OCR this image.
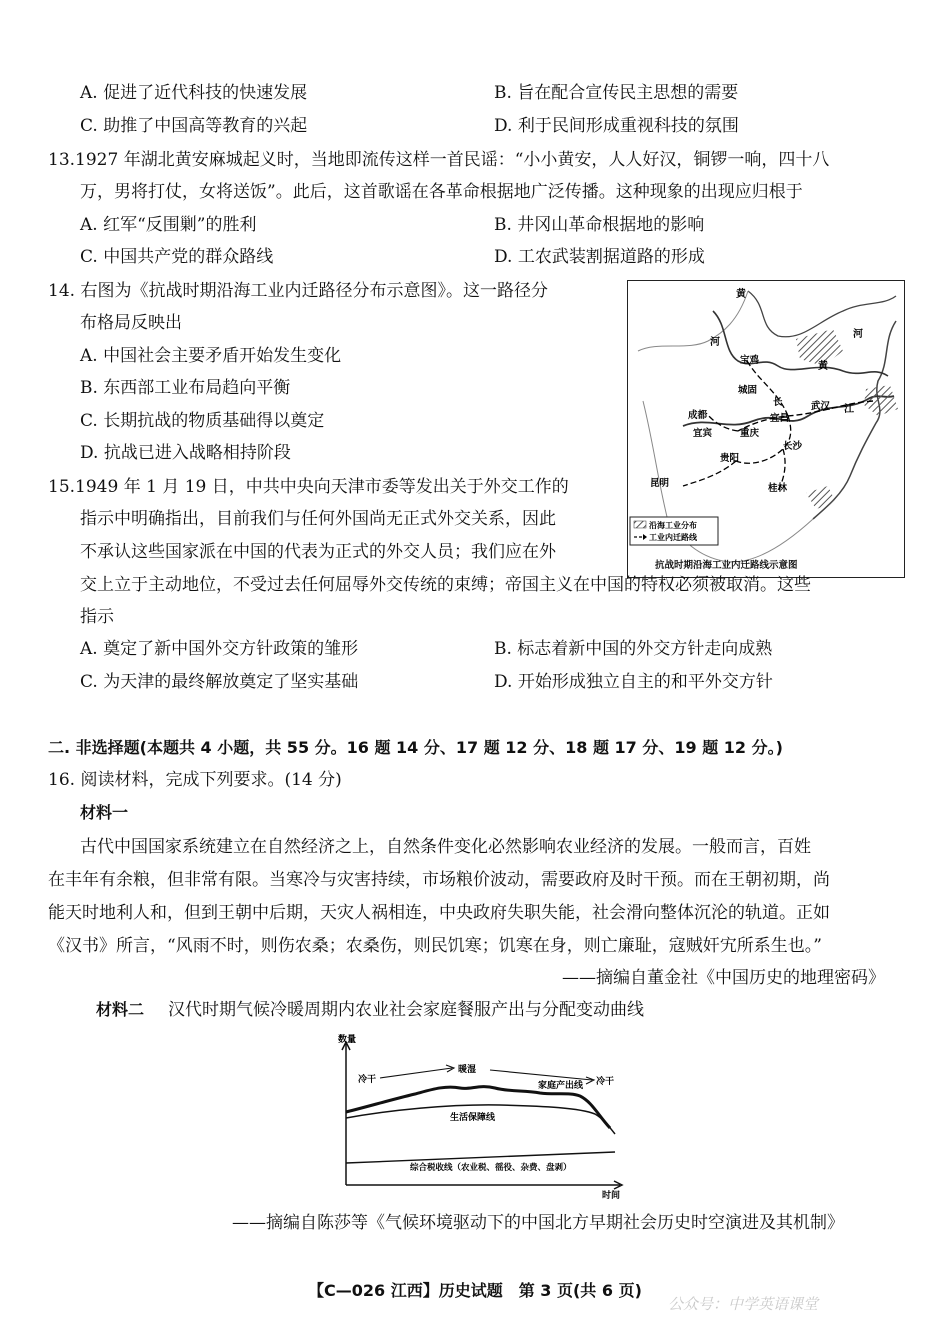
A. 促进了近代科技的快速发展	B. 旨在配合宣传民主思想的需要
C. 助推了中国高等教育的兴起	D. 利于民间形成重视科技的氛围
13.1927 年湖北黄安麻城起义时，当地即流传这样一首民谣：“小小黄安，人人好汉，铜锣一响，四十八
万，男将打仗，女将送饭”。此后，这首歌谣在各革命根据地广泛传播。这种现象的出现应归根于
A. 红军“反围剿”的胜利	B. 井冈山革命根据地的影响
C. 中国共产党的群众路线	D. 工农武装割据道路的形成
14. 右图为《抗战时期沿海工业内迁路径分布示意图》。这一路径分
布格局反映出
A. 中国社会主要矛盾开始发生变化
B. 东西部工业布局趋向平衡
C. 长期抗战的物质基础得以奠定
D. 抗战已进入战略相持阶段
黄
河
河
黄
宝鸡
城固
长
宜昌
武汉 江
成都
宜宾	重庆
长沙
贵阳
昆明	桂林
沿海工业分布
工业内迁路线
抗战时期沿海工业内迁路线示意图
15.1949 年 1 月 19 日，中共中央向天津市委等发出关于外交工作的
指示中明确指出，目前我们与任何外国尚无正式外交关系，因此
不承认这些国家派在中国的代表为正式的外交人员；我们应在外
交上立于主动地位，不受过去任何屈辱外交传统的束缚；帝国主义在中国的特权必须被取消。这些
指示
A. 奠定了新中国外交方针政策的雏形	B. 标志着新中国的外交方针走向成熟
C. 为天津的最终解放奠定了坚实基础	D. 开始形成独立自主的和平外交方针
二. 非选择题(本题共 4 小题，共 55 分。16 题 14 分、17 题 12 分、18 题 17 分、19 题 12 分。)
16. 阅读材料，完成下列要求。(14 分)
材料一
古代中国国家系统建立在自然经济之上，自然条件变化必然影响农业经济的发展。一般而言，百姓
在丰年有余粮，但非常有限。当寒冷与灾害持续，市场粮价波动，需要政府及时干预。而在王朝初期，尚
能天时地利人和，但到王朝中后期，天灾人祸相连，中央政府失职失能，社会滑向整体沉沦的轨道。正如
《汉书》所言，“风雨不时，则伤农桑；农桑伤，则民饥寒；饥寒在身，则亡廉耻，寇贼奸宄所系生也。”
——摘编自董金社《中国历史的地理密码》
材料二 汉代时期气候冷暖周期内农业社会家庭餐服产出与分配变动曲线
数量
时间
冷干
暖湿
冷干
家庭产出线
生活保障线
综合税收线（农业税、徭役、杂费、盘剥）
——摘编自陈莎等《气候环境驱动下的中国北方早期社会历史时空演进及其机制》
【C—026 江西】历史试题　第 3 页(共 6 页)
公众号：中学英语课堂
